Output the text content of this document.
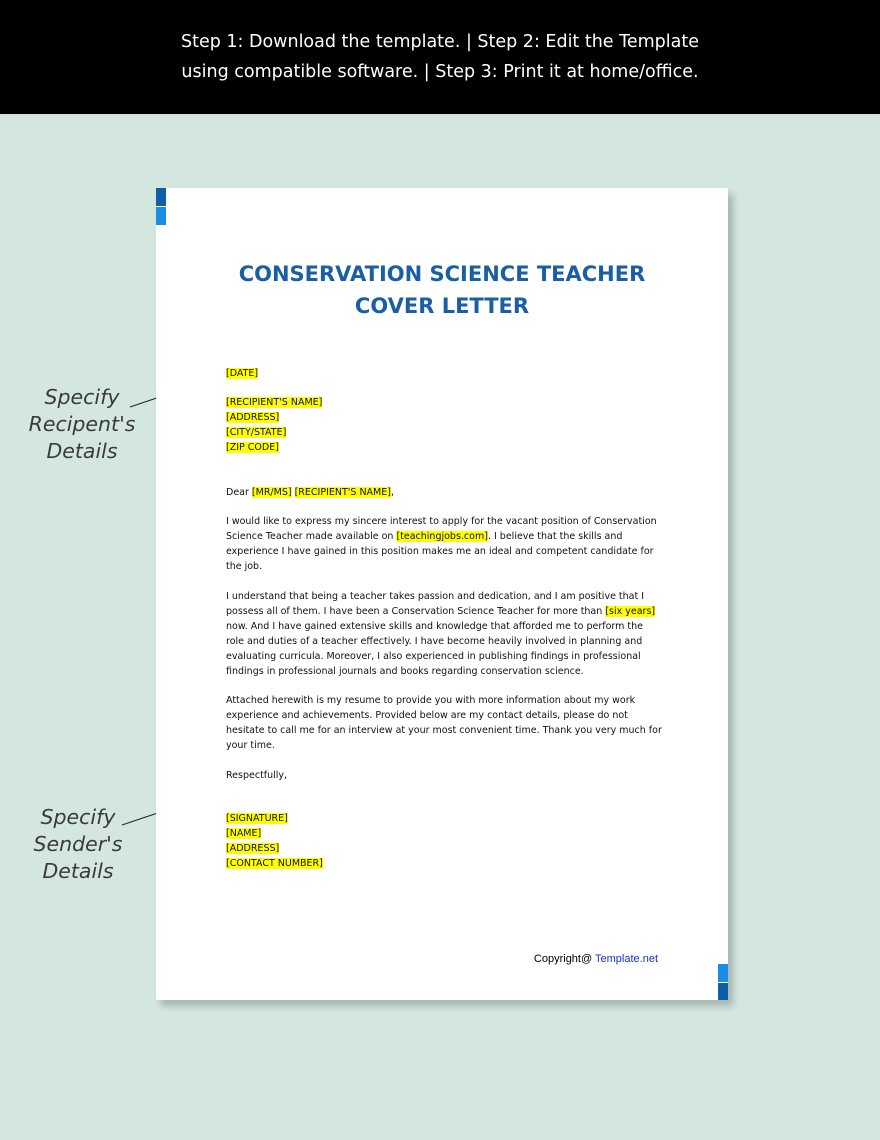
Step 1: Download the template. | Step 2: Edit the Template
using compatible software. | Step 3: Print it at home/office.
Specify
Recipent's
Details
Specify
Sender's
Details
CONSERVATION SCIENCE TEACHER
COVER LETTER

[DATE]

[RECIPIENT'S NAME]
[ADDRESS]
[CITY/STATE]
[ZIP CODE]

Dear [MR/MS] [RECIPIENT'S NAME],

I would like to express my sincere interest to apply for the vacant position of Conservation Science Teacher made available on [teachingjobs.com]. I believe that the skills and experience I have gained in this position makes me an ideal and competent candidate for the job.

I understand that being a teacher takes passion and dedication, and I am positive that I possess all of them. I have been a Conservation Science Teacher for more than [six years] now. And I have gained extensive skills and knowledge that afforded me to perform the role and duties of a teacher effectively. I have become heavily involved in planning and evaluating curricula. Moreover, I also experienced in publishing findings in professional findings in professional journals and books regarding conservation science.

Attached herewith is my resume to provide you with more information about my work experience and achievements. Provided below are my contact details, please do not hesitate to call me for an interview at your most convenient time. Thank you very much for your time.

Respectfully,

[SIGNATURE]
[NAME]
[ADDRESS]
[CONTACT NUMBER]

Copyright@ Template.net
